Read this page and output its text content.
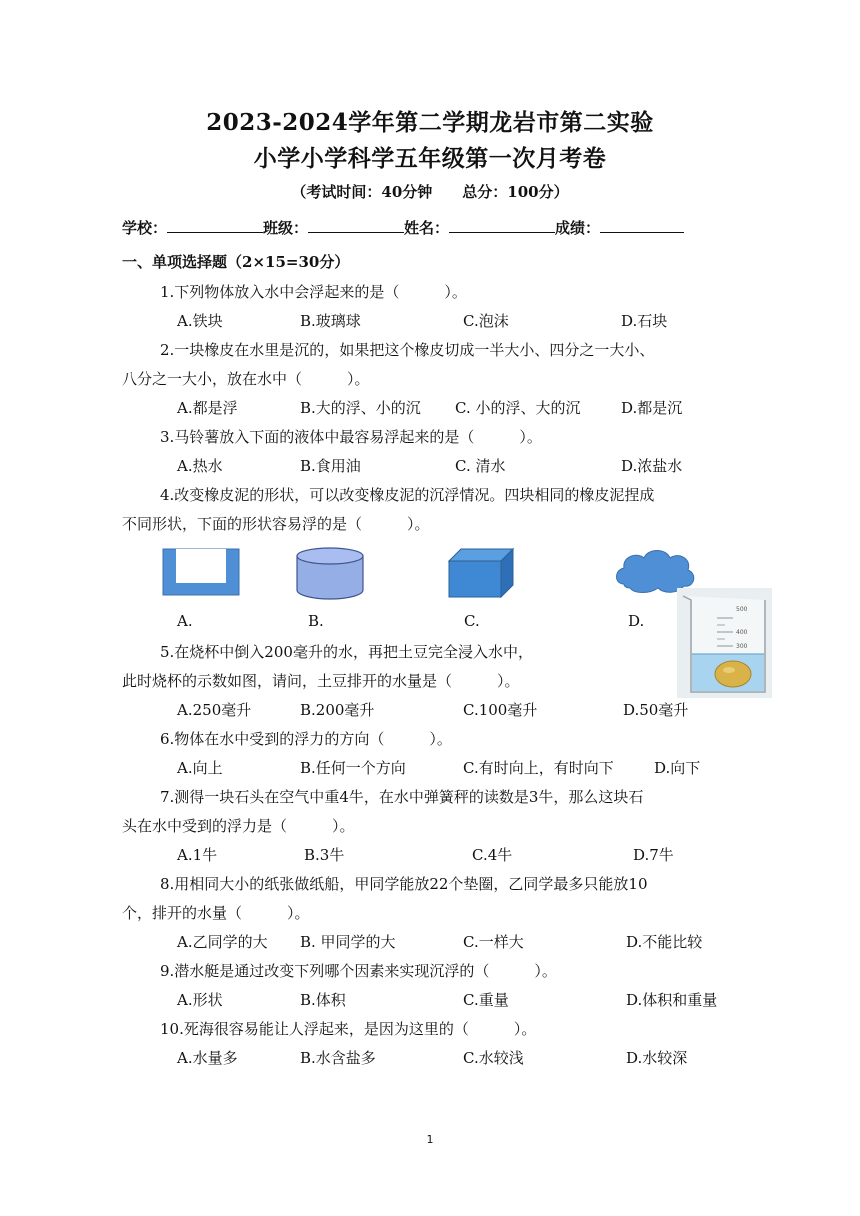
2023-2024学年第二学期龙岩市第二实验
小学小学科学五年级第一次月考卷
（考试时间：40分钟　　总分：100分）
学校：	班级：	姓名：	成绩：
一、单项选择题（2×15=30分）
1.下列物体放入水中会浮起来的是（　　　）。
A.铁块	B.玻璃球	C.泡沫	D.石块
2.一块橡皮在水里是沉的，如果把这个橡皮切成一半大小、四分之一大小、
八分之一大小，放在水中（　　　）。
A.都是浮	B.大的浮、小的沉 C. 小的浮、大的沉	D.都是沉
3.马铃薯放入下面的液体中最容易浮起来的是（　　　）。
A.热水	B.食用油	C. 清水	D.浓盐水
4.改变橡皮泥的形状，可以改变橡皮泥的沉浮情况。四块相同的橡皮泥捏成
不同形状，下面的形状容易浮的是（　　　）。
A.	B.	C.	D.
500
400
300
5.在烧杯中倒入200毫升的水，再把土豆完全浸入水中，
此时烧杯的示数如图，请问，土豆排开的水量是（　　　）。
A.250毫升	B.200毫升	C.100毫升	D.50毫升
6.物体在水中受到的浮力的方向（　　　）。
A.向上	B.任何一个方向	C.有时向上，有时向下	D.向下
7.测得一块石头在空气中重4牛，在水中弹簧秤的读数是3牛，那么这块石
头在水中受到的浮力是（　　　）。
A.1牛	B.3牛	C.4牛	D.7牛
8.用相同大小的纸张做纸船，甲同学能放22个垫圈，乙同学最多只能放10
个，排开的水量（　　　）。
A.乙同学的大 B. 甲同学的大	C.一样大	D.不能比较
9.潜水艇是通过改变下列哪个因素来实现沉浮的（　　　）。
A.形状	B.体积	C.重量	D.体积和重量
10.死海很容易能让人浮起来，是因为这里的（　　　）。
A.水量多	B.水含盐多	C.水较浅	D.水较深
1
